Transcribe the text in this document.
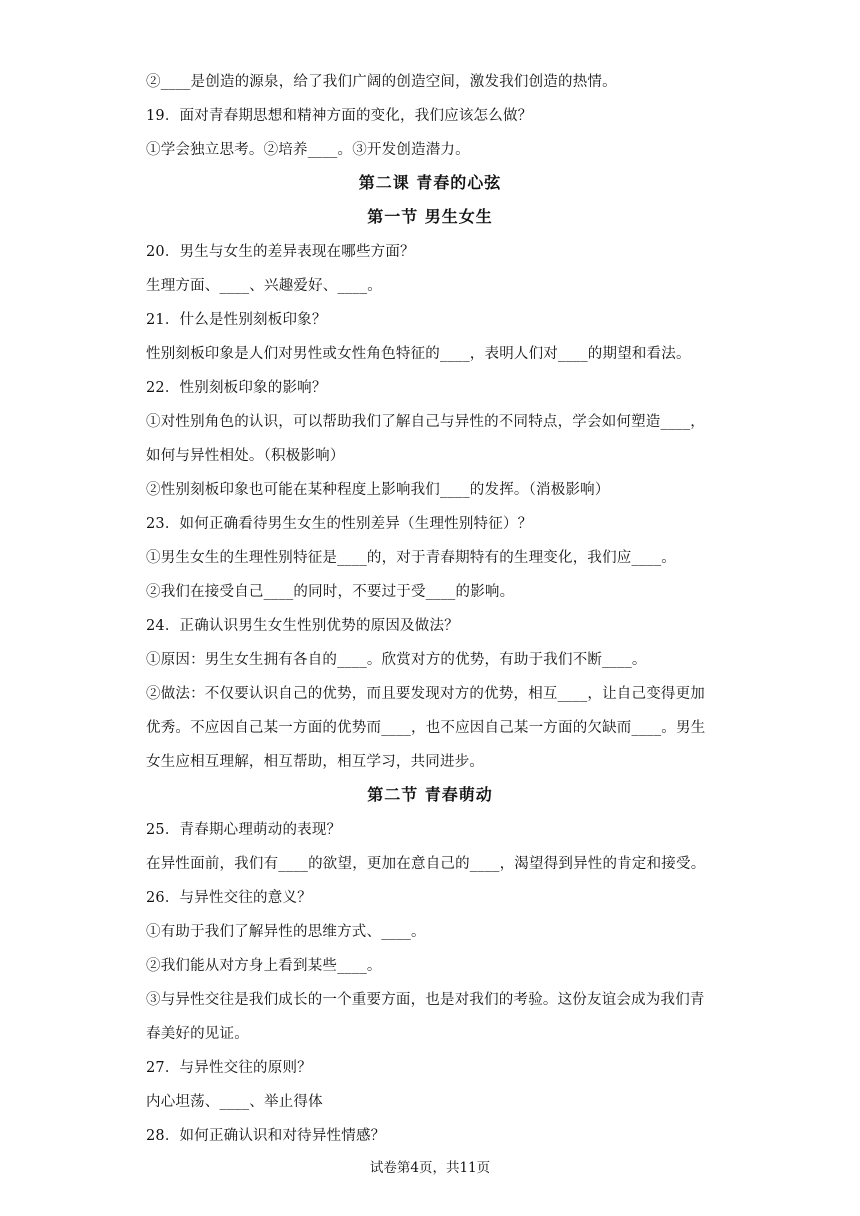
②____是创造的源泉，给了我们广阔的创造空间，激发我们创造的热情。
19．面对青春期思想和精神方面的变化，我们应该怎么做？
①学会独立思考。②培养____。③开发创造潜力。
第二课 青春的心弦
第一节 男生女生
20．男生与女生的差异表现在哪些方面？
生理方面、____、兴趣爱好、____。
21．什么是性别刻板印象？
性别刻板印象是人们对男性或女性角色特征的____，表明人们对____的期望和看法。
22．性别刻板印象的影响？
①对性别角色的认识，可以帮助我们了解自己与异性的不同特点，学会如何塑造____，
如何与异性相处。（积极影响）
②性别刻板印象也可能在某种程度上影响我们____的发挥。（消极影响）
23．如何正确看待男生女生的性别差异（生理性别特征）？
①男生女生的生理性别特征是____的，对于青春期特有的生理变化，我们应____。
②我们在接受自己____的同时，不要过于受____的影响。
24．正确认识男生女生性别优势的原因及做法？
①原因：男生女生拥有各自的____。欣赏对方的优势，有助于我们不断____。
②做法：不仅要认识自己的优势，而且要发现对方的优势，相互____，让自己变得更加
优秀。不应因自己某一方面的优势而____，也不应因自己某一方面的欠缺而____。男生
女生应相互理解，相互帮助，相互学习，共同进步。
第二节 青春萌动
25．青春期心理萌动的表现？
在异性面前，我们有____的欲望，更加在意自己的____，渴望得到异性的肯定和接受。
26．与异性交往的意义？
①有助于我们了解异性的思维方式、____。
②我们能从对方身上看到某些____。
③与异性交往是我们成长的一个重要方面，也是对我们的考验。这份友谊会成为我们青
春美好的见证。
27．与异性交往的原则？
内心坦荡、____、举止得体
28．如何正确认识和对待异性情感？
试卷第4页，共11页
